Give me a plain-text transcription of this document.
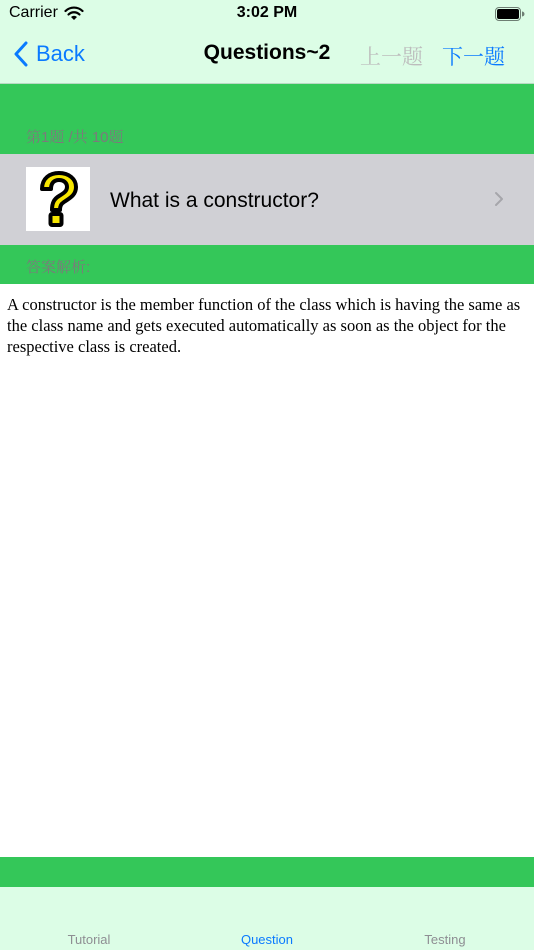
Carrier	3:02 PM
Back	Questions~2	上一题 下一题
第1题 /共 10题
What is a constructor?
答案解析:
A constructor is the member function of the class which is having the same as the class name and gets executed automatically as soon as the object for the respective class is created.
Tutorial	Question	Testing
